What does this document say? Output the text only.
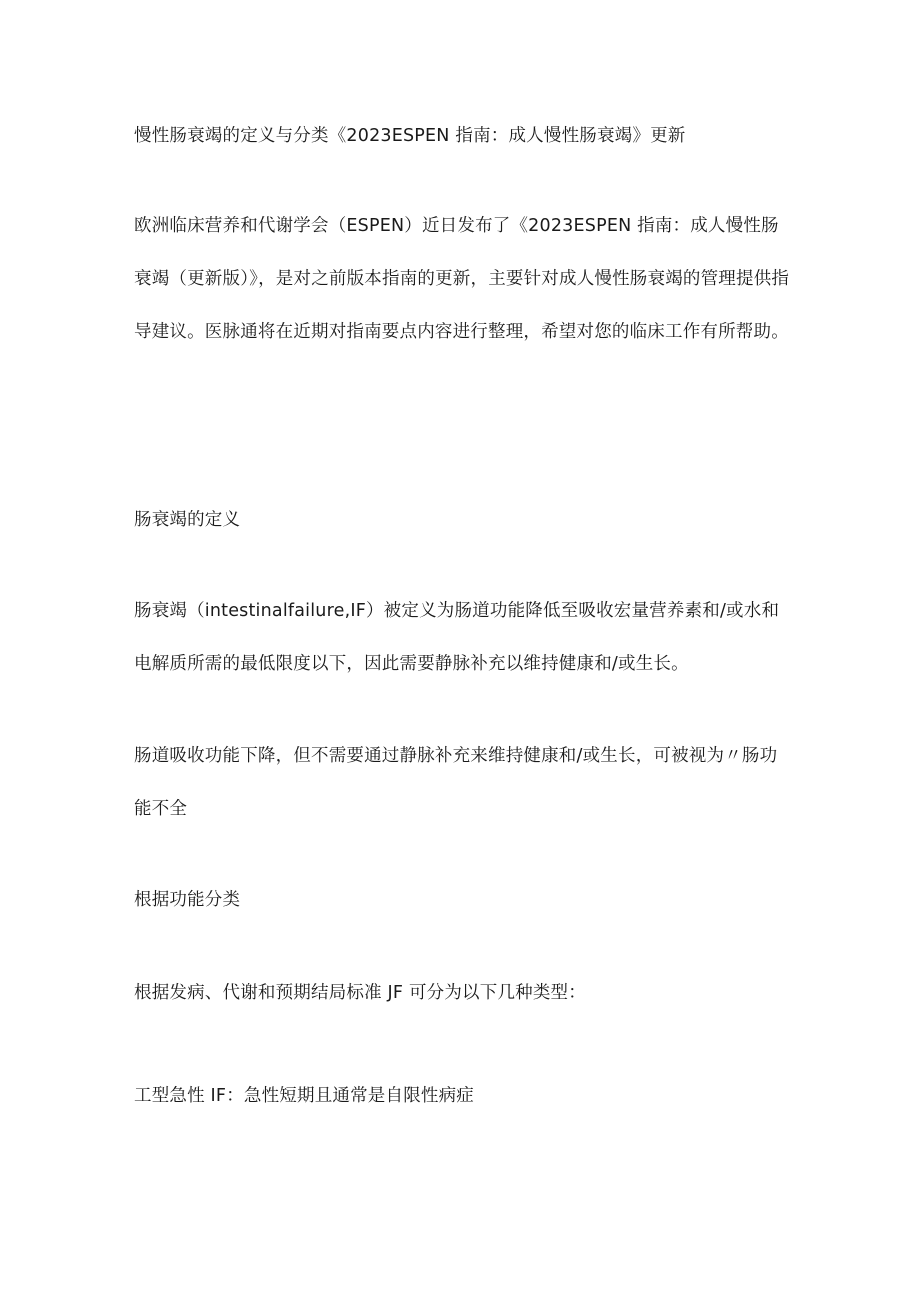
慢性肠衰竭的定义与分类《2023ESPEN 指南：成人慢性肠衰竭》更新

欧洲临床营养和代谢学会（ESPEN）近日发布了《2023ESPEN 指南：成人慢性肠衰竭（更新版）》，是对之前版本指南的更新，主要针对成人慢性肠衰竭的管理提供指导建议。医脉通将在近期对指南要点内容进行整理，希望对您的临床工作有所帮助。

肠衰竭的定义

肠衰竭（intestinalfailure,IF）被定义为肠道功能降低至吸收宏量营养素和/或水和电解质所需的最低限度以下，因此需要静脉补充以维持健康和/或生长。

肠道吸收功能下降，但不需要通过静脉补充来维持健康和/或生长，可被视为〃肠功能不全

根据功能分类

根据发病、代谢和预期结局标准 JF 可分为以下几种类型：

工型急性 IF：急性短期且通常是自限性病症
